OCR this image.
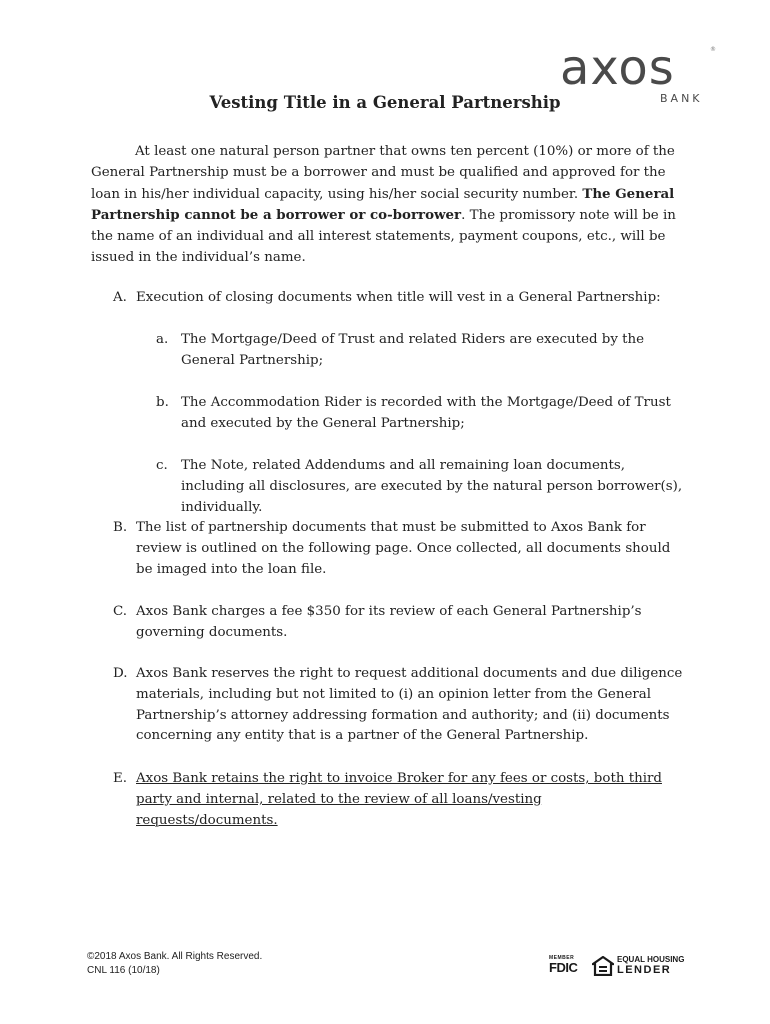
axos	®
BANK
Vesting Title in a General Partnership

At least one natural person partner that owns ten percent (10%) or more of the General Partnership must be a borrower and must be qualified and approved for the loan in his/her individual capacity, using his/her social security number. The General Partnership cannot be a borrower or co-borrower. The promissory note will be in the name of an individual and all interest statements, payment coupons, etc., will be issued in the individual’s name.

A. Execution of closing documents when title will vest in a General Partnership:
a. The Mortgage/Deed of Trust and related Riders are executed by the General Partnership;
b. The Accommodation Rider is recorded with the Mortgage/Deed of Trust and executed by the General Partnership;
c. The Note, related Addendums and all remaining loan documents, including all disclosures, are executed by the natural person borrower(s), individually.
B. The list of partnership documents that must be submitted to Axos Bank for review is outlined on the following page. Once collected, all documents should be imaged into the loan file.
C. Axos Bank charges a fee $350 for its review of each General Partnership’s governing documents.
D. Axos Bank reserves the right to request additional documents and due diligence materials, including but not limited to (i) an opinion letter from the General Partnership’s attorney addressing formation and authority; and (ii) documents concerning any entity that is a partner of the General Partnership.
E. Axos Bank retains the right to invoice Broker for any fees or costs, both third party and internal, related to the review of all loans/vesting requests/documents.
©2018 Axos Bank. All Rights Reserved.
CNL 116 (10/18)
MEMBER
FDIC
EQUAL HOUSING
LENDER
